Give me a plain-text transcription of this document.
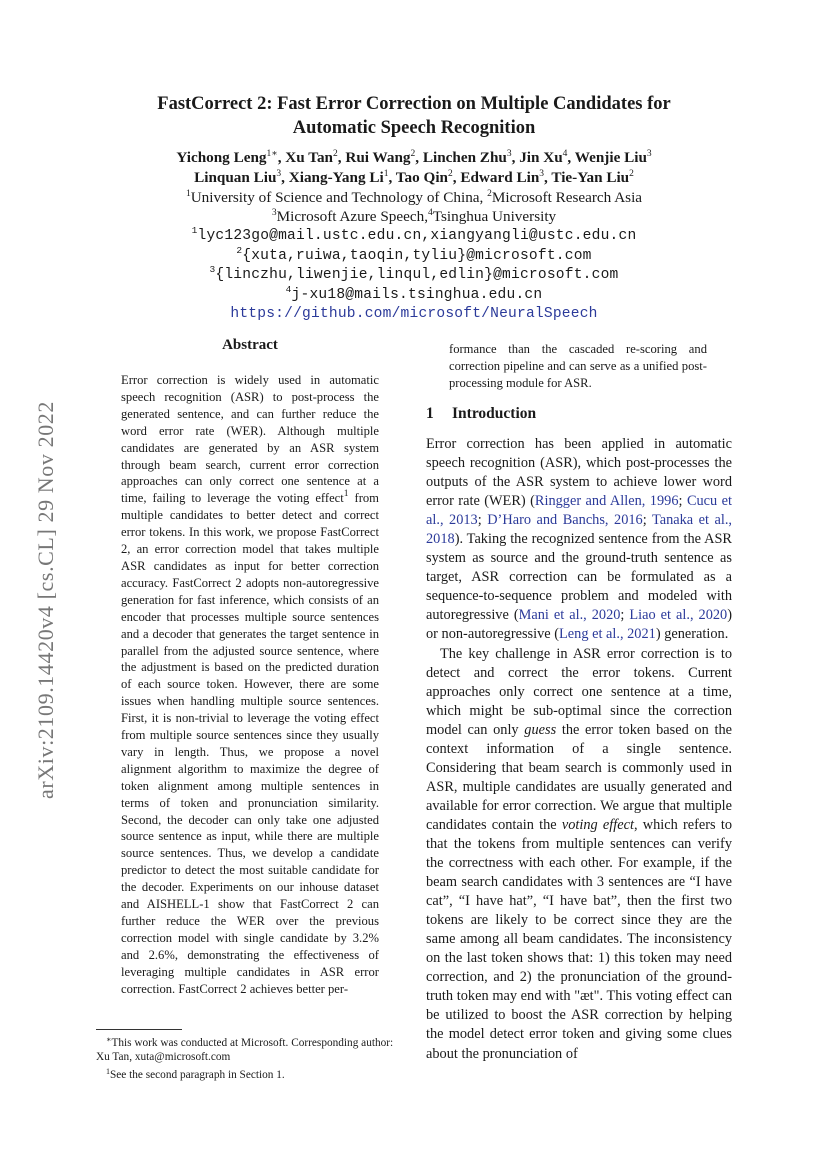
arXiv:2109.14420v4 [cs.CL] 29 Nov 2022

FastCorrect 2: Fast Error Correction on Multiple Candidates for
Automatic Speech Recognition

Yichong Leng$^{1∗}$, Xu Tan$^2$, Rui Wang$^2$, Linchen Zhu$^3$, Jin Xu$^4$, Wenjie Liu$^3$

Linquan Liu$^3$, Xiang-Yang Li$^1$, Tao Qin$^2$, Edward Lin$^3$, Tie-Yan Liu$^2$

$^1$University of Science and Technology of China, $^2$Microsoft Research Asia

$^3$Microsoft Azure Speech,$^4$Tsinghua University

$^1$lyc123go@mail.ustc.edu.cn,xiangyangli@ustc.edu.cn

$^2${xuta,ruiwa,taoqin,tyliu}@microsoft.com

$^3${linczhu,liwenjie,linqul,edlin}@microsoft.com

$^4$j-xu18@mails.tsinghua.edu.cn

https://github.com/microsoft/NeuralSpeech

Abstract

Error correction is widely used in automatic speech recognition (ASR) to post-process the generated sentence, and can further reduce the word error rate (WER). Although multiple candidates are generated by an ASR system through beam search, current error correction approaches can only correct one sentence at a time, failing to leverage the voting effect$^1$ from multiple candidates to better detect and correct error tokens. In this work, we propose FastCorrect 2, an error correction model that takes multiple ASR candidates as input for better correction accuracy. FastCorrect 2 adopts non-autoregressive generation for fast inference, which consists of an encoder that processes multiple source sentences and a decoder that generates the target sentence in parallel from the adjusted source sentence, where the adjustment is based on the predicted duration of each source token. However, there are some issues when handling multiple source sentences. First, it is non-trivial to leverage the voting effect from multiple source sentences since they usually vary in length. Thus, we propose a novel alignment algorithm to maximize the degree of token alignment among multiple sentences in terms of token and pronunciation similarity. Second, the decoder can only take one adjusted source sentence as input, while there are multiple source sentences. Thus, we develop a candidate predictor to detect the most suitable candidate for the decoder. Experiments on our inhouse dataset and AISHELL-1 show that FastCorrect 2 can further reduce the WER over the previous correction model with single candidate by 3.2% and 2.6%, demonstrating the effectiveness of leveraging multiple candidates in ASR error correction. FastCorrect 2 achieves better per-

∗This work was conducted at Microsoft. Corresponding author: Xu Tan, xuta@microsoft.com

$^1$See the second paragraph in Section 1.

formance than the cascaded re-scoring and correction pipeline and can serve as a unified post-processing module for ASR.

1 Introduction

Error correction has been applied in automatic speech recognition (ASR), which post-processes the outputs of the ASR system to achieve lower word error rate (WER) (Ringger and Allen, 1996; Cucu et al., 2013; D’Haro and Banchs, 2016; Tanaka et al., 2018). Taking the recognized sentence from the ASR system as source and the ground-truth sentence as target, ASR correction can be formulated as a sequence-to-sequence problem and modeled with autoregressive (Mani et al., 2020; Liao et al., 2020) or non-autoregressive (Leng et al., 2021) generation.

The key challenge in ASR error correction is to detect and correct the error tokens. Current approaches only correct one sentence at a time, which might be sub-optimal since the correction model can only guess the error token based on the context information of a single sentence. Considering that beam search is commonly used in ASR, multiple candidates are usually generated and available for error correction. We argue that multiple candidates contain the voting effect, which refers to that the tokens from multiple sentences can verify the correctness with each other. For example, if the beam search candidates with 3 sentences are “I have cat”, “I have hat”, “I have bat”, then the first two tokens are likely to be correct since they are the same among all beam candidates. The inconsistency on the last token shows that: 1) this token may need correction, and 2) the pronunciation of the ground-truth token may end with "æt". This voting effect can be utilized to boost the ASR correction by helping the model detect error token and giving some clues about the pronunciation of
